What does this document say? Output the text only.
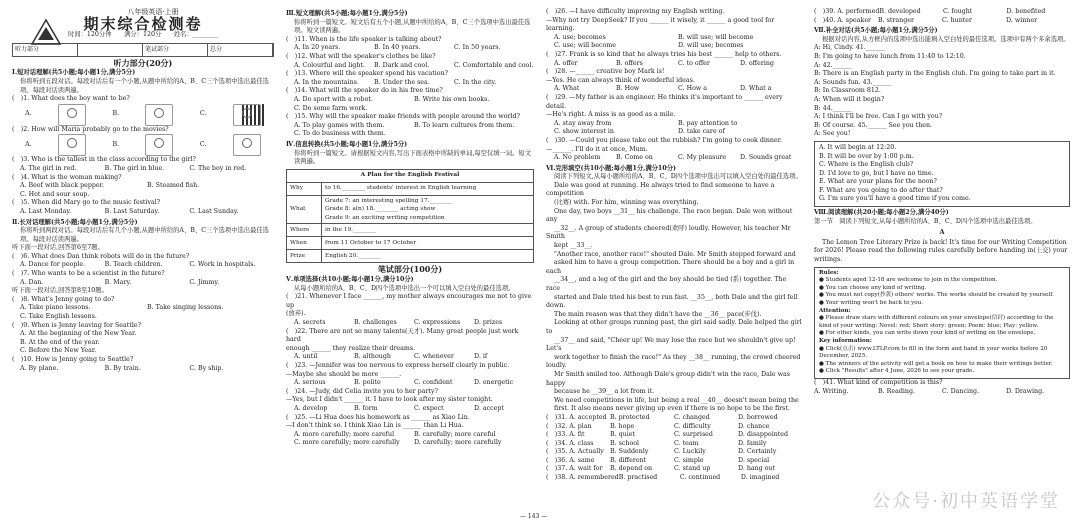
八年级英语·上册
期末综合检测卷
时间：120分钟　　满分：120分　　姓名：________
听力部分	笔试部分	总分
听力部分(20分)
Ⅰ.短对话理解(共5小题;每小题1分,满分5分)
你将听到五段对话。每段对话后有一个小题,从题中所给的A、B、C三个选项中选出最佳选项。每段对话读两遍。
(　)1. What does the boy want to be?
A.	B.	C.
(　)2. How will Maria probably go to the movies?
A.	B.	C.
(　)3. Who is the tallest in the class according to the girl?
A. The girl in red.	B. The girl in blue.	C. The boy in red.
(　)4. What is the woman making?
A. Beef with black pepper.	B. Steamed fish.
C. Hot and sour soup.
(　)5. When did Mary go to the music festival?
A. Last Monday.	B. Last Saturday.	C. Last Sunday.
Ⅱ.长对话理解(共5小题;每小题1分,满分5分)
你将听到两段对话。每段对话后有几个小题,从题中所给的A、B、C三个选项中选出最佳选项。每段对话读两遍。
听下面一段对话,回答第6至7题。
(　)6. What does Dan think robots will do in the future?
A. Dance for people.	B. Teach children.	C. Work in hospitals.
(　)7. Who wants to be a scientist in the future?
A. Dan.	B. Mary.	C. Jimmy.
听下面一段对话,回答第8至10题。
(　)8. What's Jenny going to do?
A. Take piano lessons.	B. Take singing lessons.
C. Take English lessons.
(　)9. When is Jenny leaving for Seattle?
A. At the beginning of the New Year.
B. At the end of the year.
C. Before the New Year.
(　)10. How is Jenny going to Seattle?
A. By plane.	B. By train.	C. By ship.
Ⅲ.短文理解(共5小题;每小题1分,满分5分)
你将听到一篇短文。短文后有五个小题,从题中所给的A、B、C三个选项中选出最佳选项。短文读两遍。
(　)11. When is the life speaker is talking about?
A. In 20 years.	B. In 40 years.	C. In 50 years.
(　)12. What will the speaker's clothes be like?
A. Colourful and light.	B. Dark and cool.	C. Comfortable and cool.
(　)13. Where will the speaker spend his vacation?
A. In the mountains.	B. Under the sea.	C. In the city.
(　)14. What will the speaker do in his free time?
A. Do sport with a robot.	B. Write his own books.
C. Do some farm work.
(　)15. Why will the speaker make friends with people around the world?
A. To play games with them.	B. To learn cultures from them.
C. To do business with them.
Ⅳ.信息转换(共5小题;每小题1分,满分5分)
你将听到一篇短文。请根据短文内容,写出下面表格中所缺的单词,每空仅填一词。短文读两遍。
A Plan for the English Festival	
Why	to 16.________ students' interest in English learning
What	Grade 7: an interesting spelling 17.________
Grade 8: a(n) 18.________ acting show
Grade 9: an exciting writing competition

Where	in the 19.________
When	from 11 October to 17 October
Prize	English 20.________
笔试部分(100分)
Ⅴ.单项选择(共10小题;每小题1分,满分10分)
从每小题所给的A、B、C、D四个选项中选出一个可以填入空白处的最佳选项。
(　)21. Whenever I face ______, my mother always encourages me not to give up
(放弃).
A. secrets	B. challenges	C. expressions	D. prizes
(　)22. There are not so many talents(天才). Many great people just work hard
enough ______ they realize their dreams.
A. until	B. although	C. whenever	D. if
(　)23. —Jennifer was too nervous to express herself clearly in public.
—Maybe she should be more ______.
A. serious	B. polite	C. confident	D. energetic
(　)24. —Judy, did Celia invite you to her party?
—Yes, but I didn't ______ it. I have to look after my sister tonight.
A. develop	B. form	C. expect	D. accept
(　)25. —Li Hua does his homework as ______ as Xiao Lin.
—I don't think so. I think Xiao Lin is ______ than Li Hua.
A. more carefully; more careful	B. carefully; more careful
C. more carefully; more carefully	D. carefully; more carefully
(　)26. —I have difficulty improving my English writing.
—Why not try DeepSeek? If you ______ it wisely, it ______ a good tool for
learning.
A. use; becomes	B. will use; will become
C. use; will become	D. will use; becomes
(　)27. Frank is so kind that he always tries his best ______ help to others.
A. offer	B. offers	C. to offer	D. offering
(　)28. —______ creative boy Mark is!
—Yes. He can always think of wonderful ideas.
A. What	B. How	C. How a	D. What a
(　)29. —My father is an engineer. He thinks it's important to ______ every detail.
—He's right. A miss is as good as a mile.
A. stay away from	B. pay attention to
C. show interest in	D. take care of
(　)30. —Could you please take out the rubbish? I'm going to cook dinner.
—______. I'll do it at once, Mum.
A. No problem	B. Come on	C. My pleasure	D. Sounds great
Ⅵ.完形填空(共10小题;每小题1分,满分10分)
阅读下列短文,从每小题所给的A、B、C、D四个选项中选出可以填入空白处的最佳选项。
Dale was good at running. He always tried to find someone to have a competition
(比赛) with. For him, winning was everything.
One day, two boys __31__ his challenge. The race began. Dale won without any
__32__. A group of students cheered(欢呼) loudly. However, his teacher Mr Smith
kept __33__.
"Another race, another race!" shouted Dale. Mr Smith stepped forward and
asked him to have a group competition. There should be a boy and a girl in each
__34__, and a leg of the girl and the boy should be tied (系) together. The race
started and Dale tried his best to run fast. __35__, both Dale and the girl fell down.
The main reason was that they didn't have the __36__ pace(步伐).
Looking at other groups running past, the girl said sadly. Dale helped the girl to
__37__ and said, "Cheer up! We may lose the race but we shouldn't give up! Let's
work together to finish the race!" As they __38__ running, the crowd cheered loudly.
Mr Smith smiled too. Although Dale's group didn't win the race, Dale was happy
because he __39__ a lot from it.
We need competitions in life, but being a real __40__ doesn't mean being the
first. It also means never giving up even if there is no hope to be the first.
(　)31. A. accepted B. protected	C. changed	D. borrowed
(　)32. A. plan	B. hope	C. difficulty	D. chance
(　)33. A. fit	B. quiet	C. surprised	D. disappointed
(　)34. A. class	B. school	C. team	D. family
(　)35. A. Actually B. Suddenly	C. Luckily	D. Certainly
(　)36. A. same	B. different	C. simple	D. special
(　)37. A. wait for	B. depend on	C. stand up	D. hang out
(　)38. A. remembered B. practised	C. continued	D. imagined
(　)39. A. performed B. developed	C. fought	D. benefited
(　)40. A. speaker	B. stranger	C. hunter	D. winner
Ⅶ.补全对话(共5小题;每小题1分,满分5分)
根据对话内容,从方框内的选项中选出能填入空白处的最佳选项。选项中有两个多余选项。
A: Hi, Cindy. 41.______
B: I'm going to have lunch from 11:40 to 12:10.
A: 42.______
B: There is an English party in the English club. I'm going to take part in it.
A: Sounds fun. 43.______
B: In Classroom 812.
A: When will it begin?
B: 44.______
A: I think I'll be free. Can I go with you?
B: Of course. 45.______ See you then.
A: See you!
A. It will begin at 12:20.
B. It will be over by 1:00 p.m.
C. Where is the English club?
D. I'd love to go, but I have no time.
E. What are your plans for the noon?
F. What are you going to do after that?
G. I'm sure you'll have a good time if you come.
Ⅷ.阅读理解(共20小题;每小题2分,满分40分)
第一节　阅读下列短文,从每小题所给的A、B、C、D四个选项中选出最佳选项。
A
The Lemon Tree Literary Prize is back! It's time for our Writing Competition for 2026! Please read the following rules carefully before handing in(上交) your writings.
Rules:
● Students aged 12-18 are welcome to join in the competition.
● You can choose any kind of writing.
● You must not copy(抄袭) others' works. The works should be created by yourself.
● Your writing won't be back to you.
Attention:
● Please draw stars with different colours on your envelope(信封) according to the kind of your writing: Novel: red; Short story: green; Poem: blue; Play: yellow.
● For other kinds, you can write down your kind of writing on the envelope.
Key information:
● Click(点击) www.LTLP.com to fill in the form and hand in your works before 20 December, 2025.
● The winners of the activity will get a book on how to make their writings better.
● Click "Results" after 4 June, 2026 to see your grade.
(　)41. What kind of competition is this?
A. Writing.	B. Reading.	C. Dancing.	D. Drawing.
— 143 —
公众号·初中英语学堂
